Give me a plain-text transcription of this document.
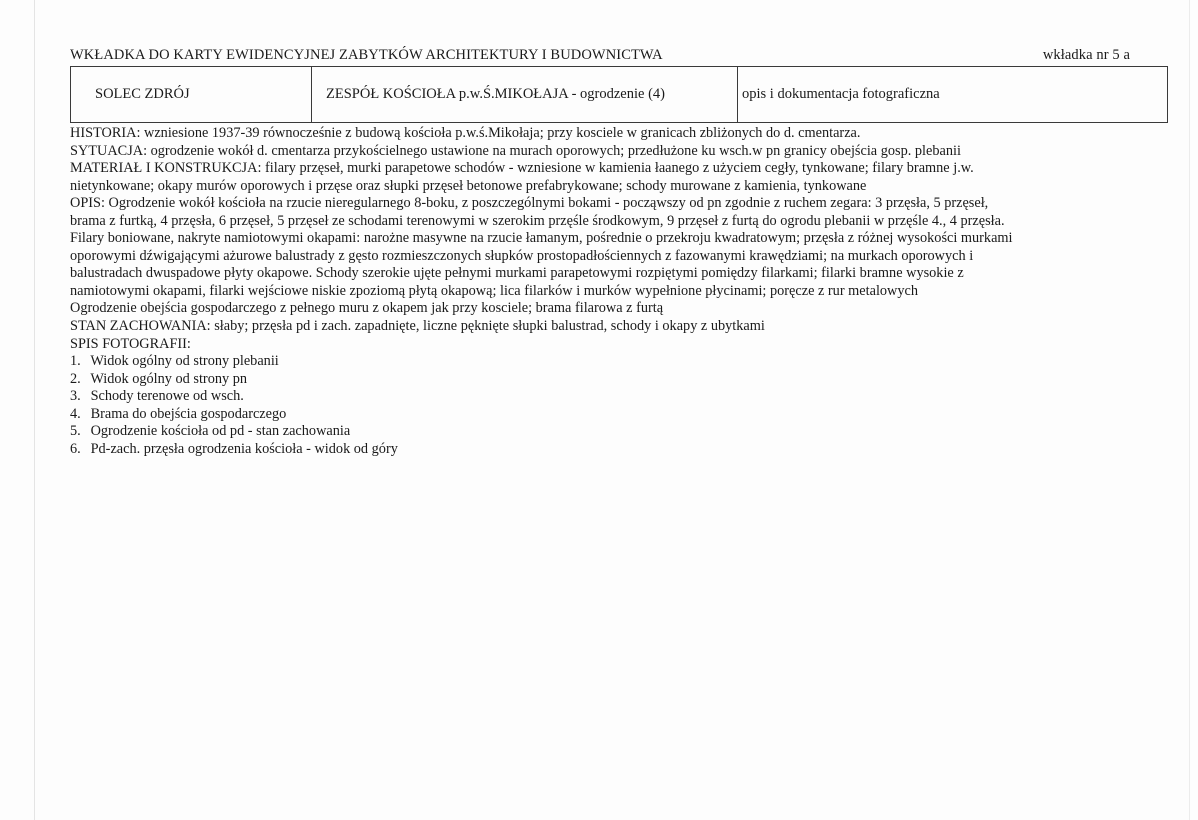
WKŁADKA DO KARTY EWIDENCYJNEJ ZABYTKÓW ARCHITEKTURY I BUDOWNICTWA	wkładka nr 5 a
SOLEC ZDRÓJ	ZESPÓŁ KOŚCIOŁA p.w.Ś.MIKOŁAJA - ogrodzenie (4)	opis i dokumentacja fotograficzna

HISTORIA: wzniesione 1937-39 równocześnie z budową kościoła p.w.ś.Mikołaja; przy kosciele w granicach zbliżonych do d. cmentarza.

SYTUACJA: ogrodzenie wokół d. cmentarza przykościelnego ustawione na murach oporowych; przedłużone ku wsch.w pn granicy obejścia gosp. plebanii

MATERIAŁ I KONSTRUKCJA: filary przęseł, murki parapetowe schodów - wzniesione w kamienia łaanego z użyciem cegły, tynkowane; filary bramne j.w.

nietynkowane; okapy murów oporowych i przęse oraz słupki przęseł betonowe prefabrykowane; schody murowane z kamienia, tynkowane

OPIS: Ogrodzenie wokół kościoła na rzucie nieregularnego 8-boku, z poszczególnymi bokami - począwszy od pn zgodnie z ruchem zegara: 3 przęsła, 5 przęseł,

brama z furtką, 4 przęsła, 6 przęseł, 5 przęseł ze schodami terenowymi w szerokim przęśle środkowym, 9 przęseł z furtą do ogrodu plebanii w przęśle 4., 4 przęsła.

Filary boniowane, nakryte namiotowymi okapami: narożne masywne na rzucie łamanym, pośrednie o przekroju kwadratowym; przęsła z różnej wysokości murkami

oporowymi dźwigającymi ażurowe balustrady z gęsto rozmieszczonych słupków prostopadłościennych z fazowanymi krawędziami; na murkach oporowych i

balustradach dwuspadowe płyty okapowe. Schody szerokie ujęte pełnymi murkami parapetowymi rozpiętymi pomiędzy filarkami; filarki bramne wysokie z

namiotowymi okapami, filarki wejściowe niskie zpoziomą płytą okapową; lica filarków i murków wypełnione płycinami; poręcze z rur metalowych

Ogrodzenie obejścia gospodarczego z pełnego muru z okapem jak przy kosciele; brama filarowa z furtą

STAN ZACHOWANIA: słaby; przęsła pd i zach. zapadnięte, liczne pęknięte słupki balustrad, schody i okapy z ubytkami

SPIS FOTOGRAFII:

1. Widok ogólny od strony plebanii
2. Widok ogólny od strony pn
3. Schody terenowe od wsch.
4. Brama do obejścia gospodarczego
5. Ogrodzenie kościoła od pd - stan zachowania
6. Pd-zach. przęsła ogrodzenia kościoła - widok od góry
